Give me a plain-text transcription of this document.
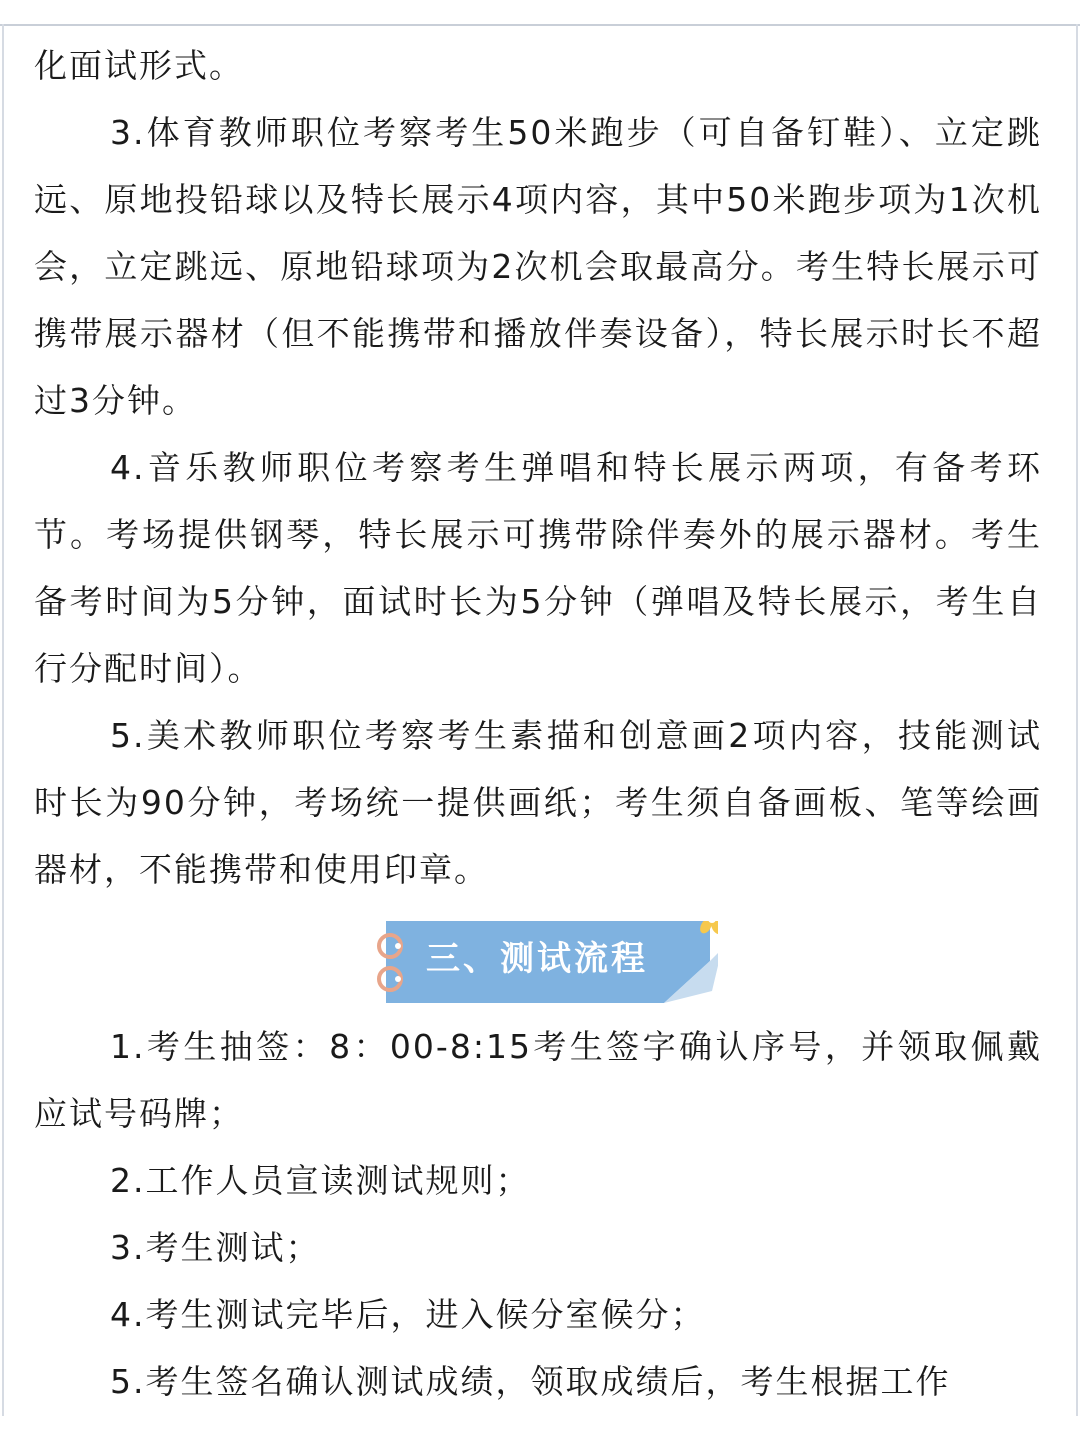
化面试形式。

3.体育教师职位考察考生50米跑步（可自备钉鞋）、立定跳远、原地投铅球以及特长展示4项内容，其中50米跑步项为1次机会，立定跳远、原地铅球项为2次机会取最高分。考生特长展示可携带展示器材（但不能携带和播放伴奏设备），特长展示时长不超过3分钟。

4.音乐教师职位考察考生弹唱和特长展示两项，有备考环节。考场提供钢琴，特长展示可携带除伴奏外的展示器材。考生备考时间为5分钟，面试时长为5分钟（弹唱及特长展示，考生自行分配时间）。

5.美术教师职位考察考生素描和创意画2项内容，技能测试时长为90分钟，考场统一提供画纸；考生须自备画板、笔等绘画器材，不能携带和使用印章。

三、测试流程

1.考生抽签：8：00-8:15考生签字确认序号，并领取佩戴应试号码牌；

2.工作人员宣读测试规则；

3.考生测试；

4.考生测试完毕后，进入候分室候分；

5.考生签名确认测试成绩，领取成绩后，考生根据工作
